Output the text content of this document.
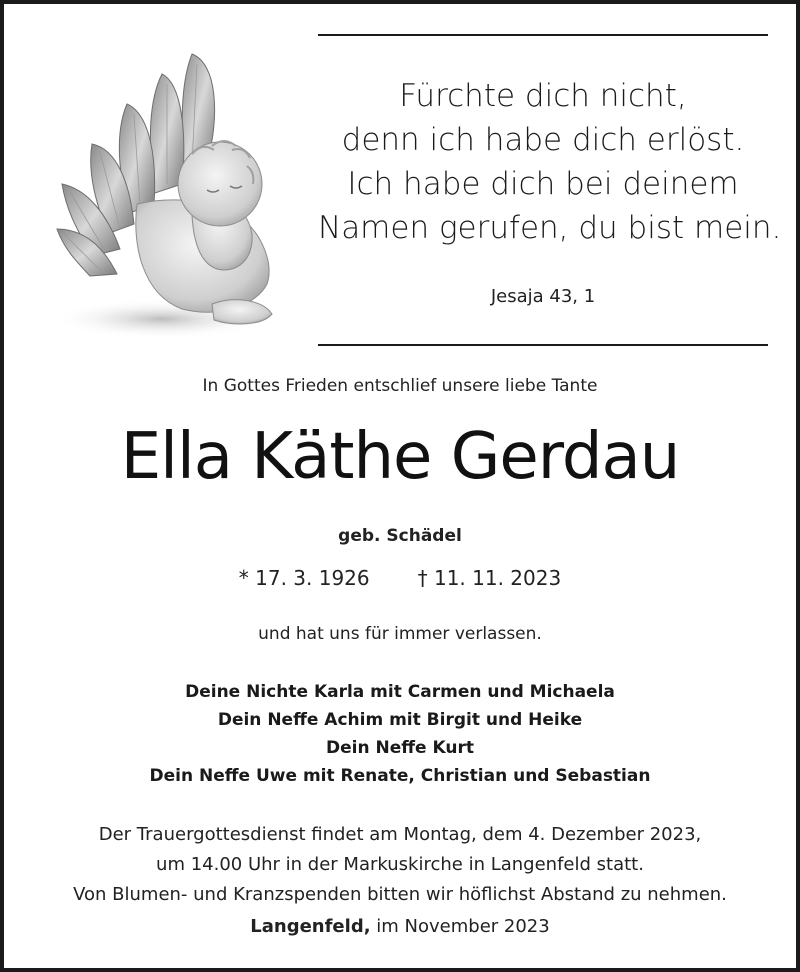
Fürchte dich nicht,
denn ich habe dich erlöst.
Ich habe dich bei deinem
Namen gerufen, du bist mein.
Jesaja 43, 1
In Gottes Frieden entschlief unsere liebe Tante
Ella Käthe Gerdau
geb. Schädel
* 17. 3. 1926 † 11. 11. 2023
und hat uns für immer verlassen.
Deine Nichte Karla mit Carmen und Michaela
Dein Neffe Achim mit Birgit und Heike
Dein Neffe Kurt
Dein Neffe Uwe mit Renate, Christian und Sebastian
Der Trauergottesdienst findet am Montag, dem 4. Dezember 2023,
um 14.00 Uhr in der Markuskirche in Langenfeld statt.
Von Blumen- und Kranzspenden bitten wir höflichst Abstand zu nehmen.
Langenfeld, im November 2023
